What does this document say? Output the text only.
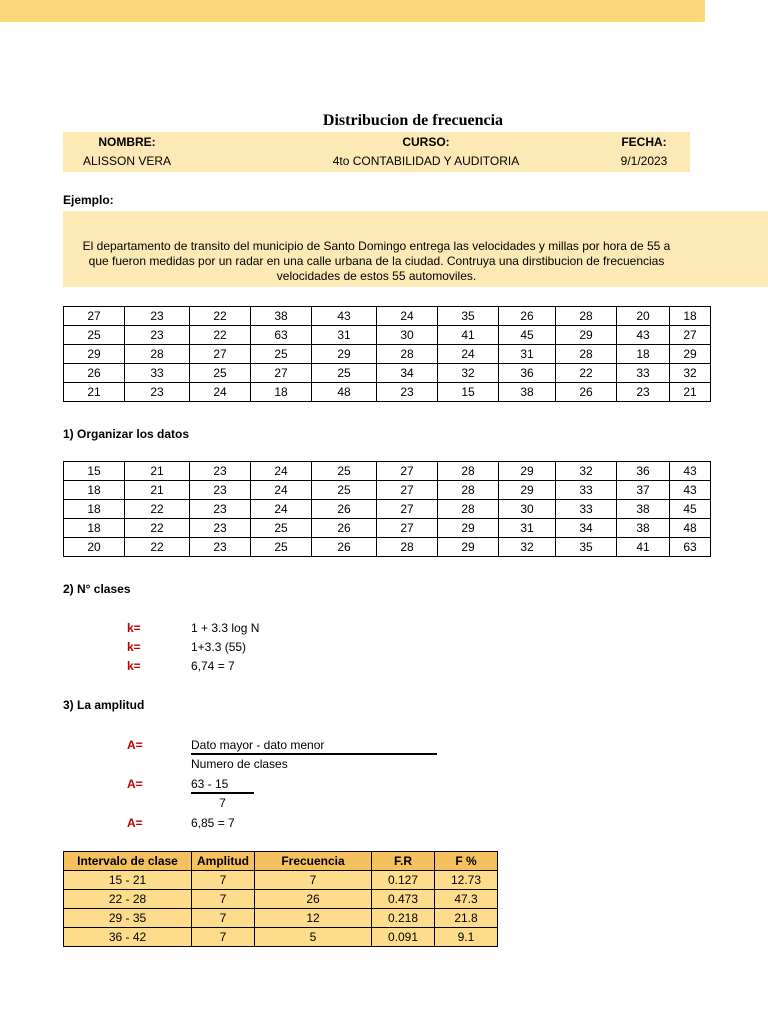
Distribucion de frecuencia
NOMBRE:	CURSO:	FECHA:
ALISSON VERA	4to CONTABILIDAD Y AUDITORIA	9/1/2023
Ejemplo:
El departamento de transito del municipio de Santo Domingo entrega las velocidades y millas por hora de 55 a
que fueron medidas por un radar en una calle urbana de la ciudad. Contruya una dirstibucion de frecuencias
velocidades de estos 55 automoviles.
27	23	22	38	43	24	35	26	28	20	18
25	23	22	63	31	30	41	45	29	43	27
29	28	27	25	29	28	24	31	28	18	29
26	33	25	27	25	34	32	36	22	33	32
21	23	24	18	48	23	15	38	26	23	21
1) Organizar los datos
15	21	23	24	25	27	28	29	32	36	43
18	21	23	24	25	27	28	29	33	37	43
18	22	23	24	26	27	28	30	33	38	45
18	22	23	25	26	27	29	31	34	38	48
20	22	23	25	26	28	29	32	35	41	63
2) N° clases
k=	1 + 3.3 log N
k=	1+3.3 (55)
k=	6,74 = 7
3) La amplitud
A=	Dato mayor - dato menor
Numero de clases
A=	63 - 15
7
A=	6,85 = 7
Intervalo de clase	Amplitud	Frecuencia	F.R	F %
15 - 21	7	7	0.127	12.73
22 - 28	7	26	0.473	47.3
29 - 35	7	12	0.218	21.8
36 - 42	7	5	0.091	9.1
